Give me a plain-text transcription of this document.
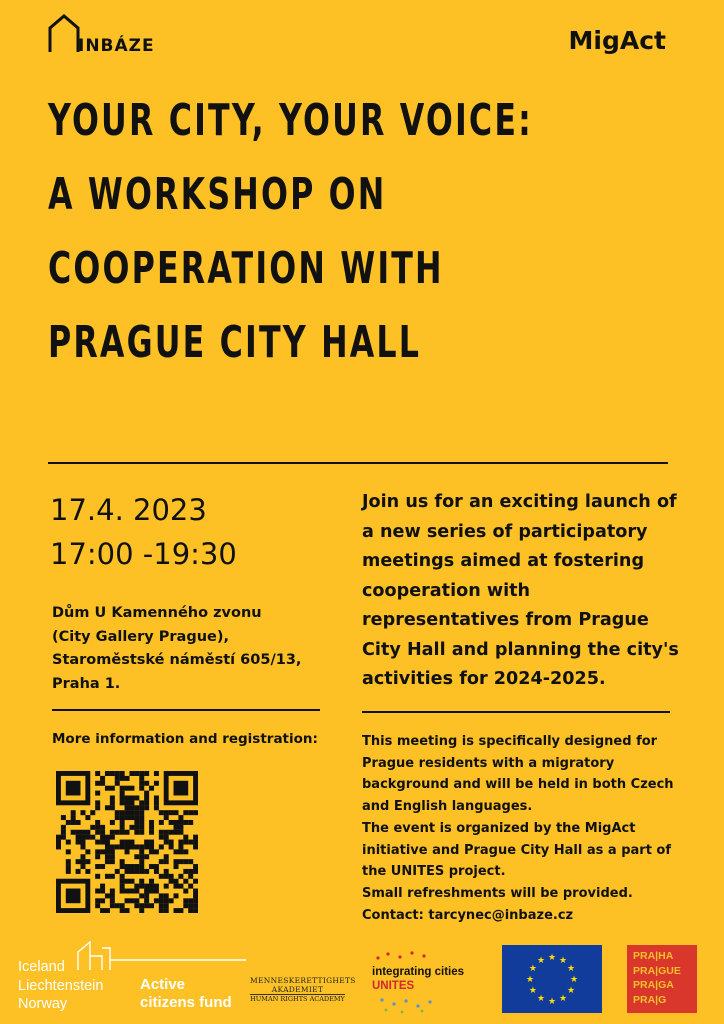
INBÁZE	MigAct
YOUR CITY, YOUR VOICE:
A WORKSHOP ON
COOPERATION WITH
PRAGUE CITY HALL
17.4. 2023
17:00 -19:30
Dům U Kamenného zvonu
(City Gallery Prague),
Staroměstské náměstí 605/13,
Praha 1.
Join us for an exciting launch of a new series of participatory meetings aimed at fostering cooperation with representatives from Prague City Hall and planning the city's activities for 2024-2025.
More information and registration:	This meeting is specifically designed for Prague residents with a migratory background and will be held in both Czech and English languages.

The event is organized by the MigAct initiative and Prague City Hall as a part of the UNITES project.

Small refreshments will be provided.

Contact: tarcynec@inbaze.cz

Iceland
Liechtenstein
Norway
Active
citizens fund
MENNESKERETTIGHETS AKADEMIET
HUMAN RIGHTS ACADEMY
integrating cities
UNITES
★ ★
★
★
★
★
★
★
★
★
★
★	PRA|HA
PRA|GUE
PRA|GA
PRA|G
